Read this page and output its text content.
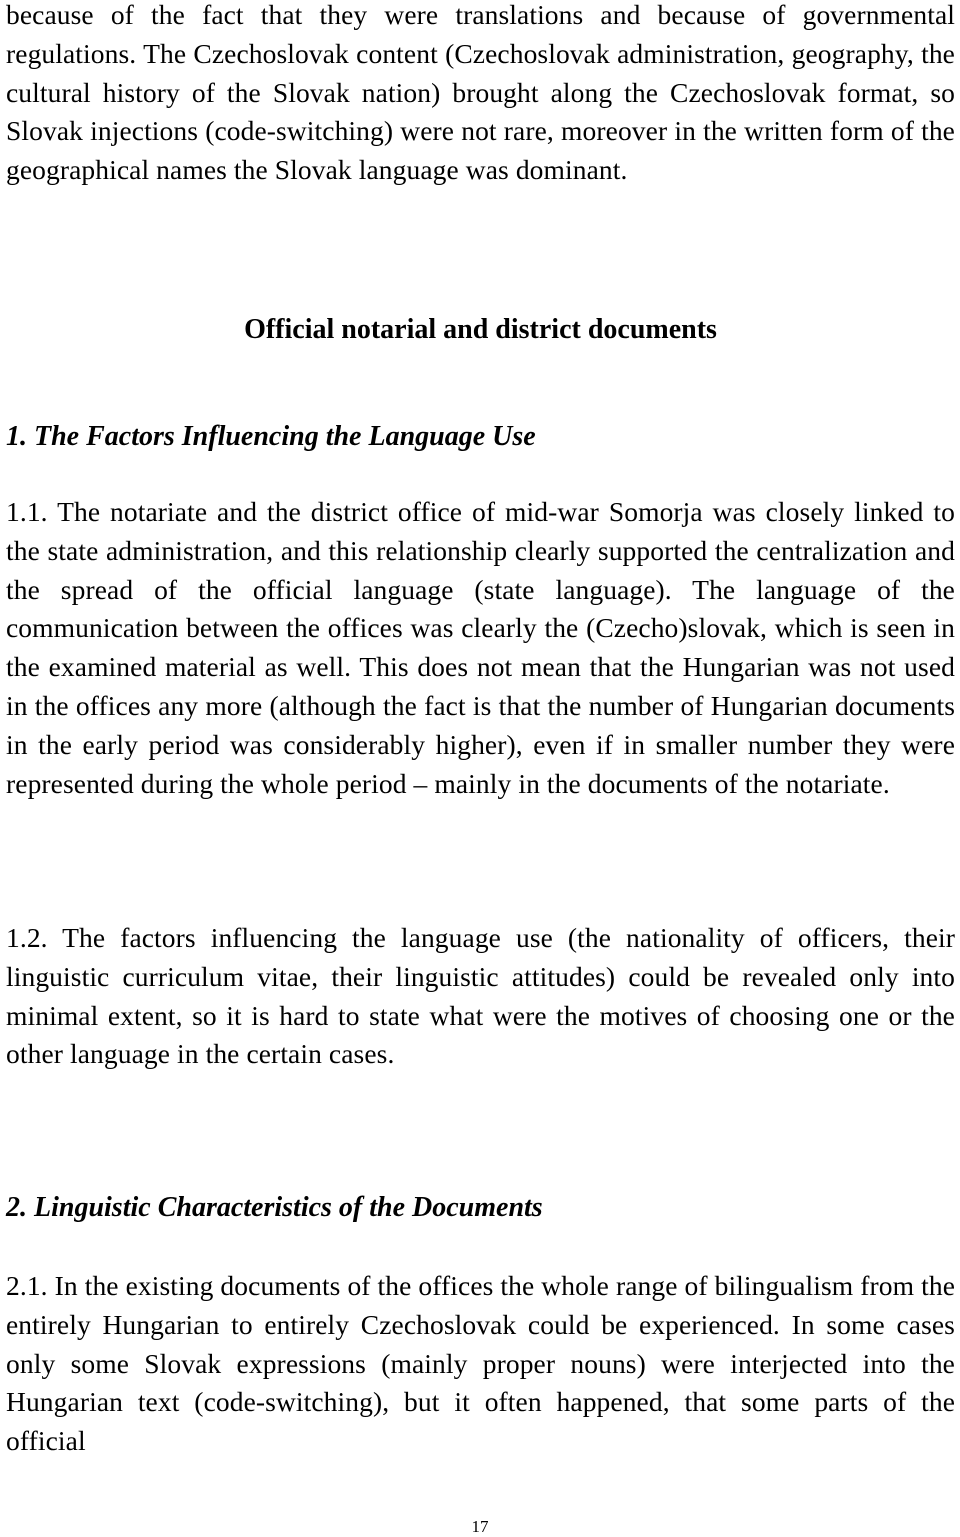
because of the fact that they were translations and because of governmental regulations. The Czechoslovak content (Czechoslovak administration, geography, the cultural history of the Slovak nation) brought along the Czechoslovak format, so Slovak injections (code-switching) were not rare, moreover in the written form of the geographical names the Slovak language was dominant.

Official notarial and district documents
1. The Factors Influencing the Language Use

1.1. The notariate and the district office of mid-war Somorja was closely linked to the state administration, and this relationship clearly supported the centralization and the spread of the official language (state language). The language of the communication between the offices was clearly the (Czecho)slovak, which is seen in the examined material as well. This does not mean that the Hungarian was not used in the offices any more (although the fact is that the number of Hungarian documents in the early period was considerably higher), even if in smaller number they were represented during the whole period – mainly in the documents of the notariate.

1.2. The factors influencing the language use (the nationality of officers, their linguistic curriculum vitae, their linguistic attitudes) could be revealed only into minimal extent, so it is hard to state what were the motives of choosing one or the other language in the certain cases.

2. Linguistic Characteristics of the Documents

2.1. In the existing documents of the offices the whole range of bilingualism from the entirely Hungarian to entirely Czechoslovak could be experienced. In some cases only some Slovak expressions (mainly proper nouns) were interjected into the Hungarian text (code-switching), but it often happened, that some parts of the official

17
